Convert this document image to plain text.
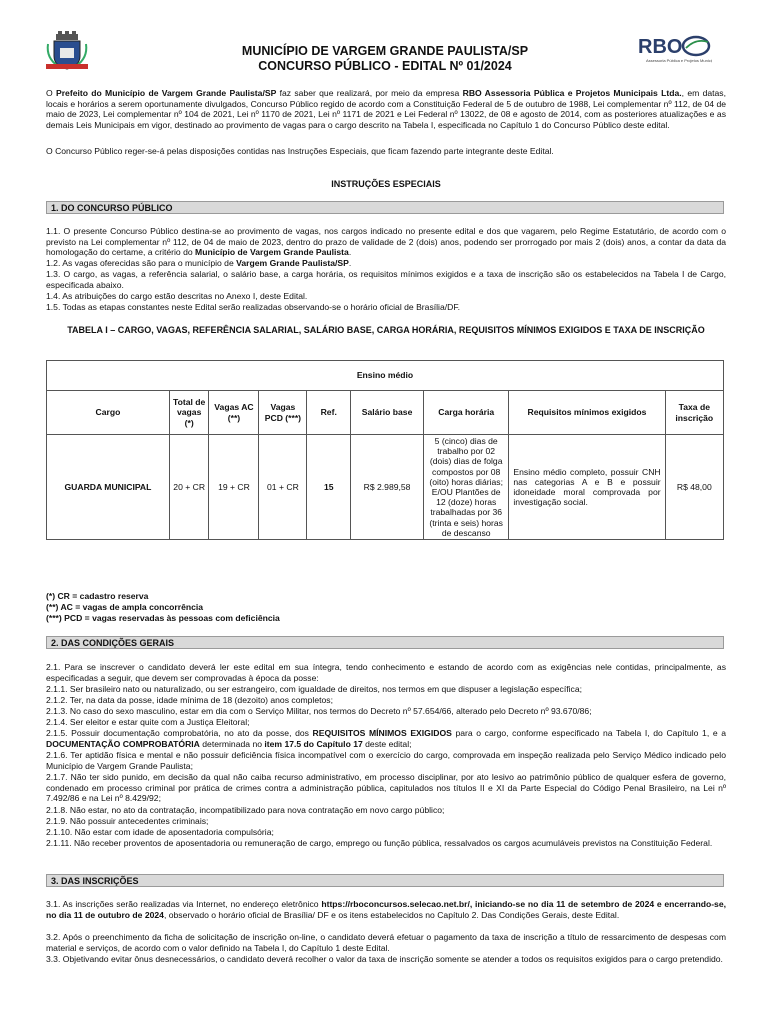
RBO
Assessoria Pública e Projetos Municipais
MUNICÍPIO DE VARGEM GRANDE PAULISTA/SP
CONCURSO PÚBLICO - EDITAL Nº 01/2024
O Prefeito do Município de Vargem Grande Paulista/SP faz saber que realizará, por meio da empresa RBO Assessoria Pública e Projetos Municipais Ltda., em datas, locais e horários a serem oportunamente divulgados, Concurso Público regido de acordo com a Constituição Federal de 5 de outubro de 1988, Lei complementar nº 112, de 04 de maio de 2023, Lei complementar nº 104 de 2021, Lei nº 1170 de 2021, Lei nº 1171 de 2021 e Lei Federal nº 13022, de 08 e agosto de 2014, com as posteriores atualizações e as demais Leis Municipais em vigor, destinado ao provimento de vagas para o cargo descrito na Tabela I, especificada no Capítulo 1 do Concurso Público deste edital.
O Concurso Público reger-se-á pelas disposições contidas nas Instruções Especiais, que ficam fazendo parte integrante deste Edital.
INSTRUÇÕES ESPECIAIS
1. DO CONCURSO PÚBLICO
1.1. O presente Concurso Público destina-se ao provimento de vagas, nos cargos indicado no presente edital e dos que vagarem, pelo Regime Estatutário, de acordo com o previsto na Lei complementar nº 112, de 04 de maio de 2023, dentro do prazo de validade de 2 (dois) anos, podendo ser prorrogado por mais 2 (dois) anos, a contar da data da homologação do certame, a critério do Município de Vargem Grande Paulista.
1.2. As vagas oferecidas são para o município de Vargem Grande Paulista/SP.
1.3. O cargo, as vagas, a referência salarial, o salário base, a carga horária, os requisitos mínimos exigidos e a taxa de inscrição são os estabelecidos na Tabela I de Cargo, especificada abaixo.
1.4. As atribuições do cargo estão descritas no Anexo I, deste Edital.
1.5. Todas as etapas constantes neste Edital serão realizadas observando-se o horário oficial de Brasília/DF.
TABELA I – CARGO, VAGAS, REFERÊNCIA SALARIAL, SALÁRIO BASE, CARGA HORÁRIA, REQUISITOS MÍNIMOS EXIGIDOS E TAXA DE INSCRIÇÃO
Ensino médio								
Cargo	Total de vagas (*)	Vagas AC (**)	Vagas PCD (***)	Ref.	Salário base	Carga horária	Requisitos mínimos exigidos	Taxa de inscrição
GUARDA MUNICIPAL	20 + CR	19 + CR	01 + CR	15	R$ 2.989,58	5 (cinco) dias de trabalho por 02 (dois) dias de folga compostos por 08 (oito) horas diárias; E/OU Plantões de 12 (doze) horas trabalhadas por 36 (trinta e seis) horas de descanso	Ensino médio completo, possuir CNH nas categorias A e B e possuir idoneidade moral comprovada por investigação social.	R$ 48,00
(*) CR = cadastro reserva
(**) AC = vagas de ampla concorrência
(***) PCD = vagas reservadas às pessoas com deficiência
2. DAS CONDIÇÕES GERAIS
2.1. Para se inscrever o candidato deverá ler este edital em sua íntegra, tendo conhecimento e estando de acordo com as exigências nele contidas, principalmente, as especificadas a seguir, que devem ser comprovadas à época da posse:
2.1.1. Ser brasileiro nato ou naturalizado, ou ser estrangeiro, com igualdade de direitos, nos termos em que dispuser a legislação específica;
2.1.2. Ter, na data da posse, idade mínima de 18 (dezoito) anos completos;
2.1.3. No caso do sexo masculino, estar em dia com o Serviço Militar, nos termos do Decreto nº 57.654/66, alterado pelo Decreto nº 93.670/86;
2.1.4. Ser eleitor e estar quite com a Justiça Eleitoral;
2.1.5. Possuir documentação comprobatória, no ato da posse, dos REQUISITOS MÍNIMOS EXIGIDOS para o cargo, conforme especificado na Tabela I, do Capítulo 1, e a DOCUMENTAÇÃO COMPROBATÓRIA determinada no item 17.5 do Capítulo 17 deste edital;
2.1.6. Ter aptidão física e mental e não possuir deficiência física incompatível com o exercício do cargo, comprovada em inspeção realizada pelo Serviço Médico indicado pelo Município de Vargem Grande Paulista;
2.1.7. Não ter sido punido, em decisão da qual não caiba recurso administrativo, em processo disciplinar, por ato lesivo ao patrimônio público de qualquer esfera de governo, condenado em processo criminal por prática de crimes contra a administração pública, capitulados nos títulos II e XI da Parte Especial do Código Penal Brasileiro, na Lei nº 7.492/86 e na Lei nº 8.429/92;
2.1.8. Não estar, no ato da contratação, incompatibilizado para nova contratação em novo cargo público;
2.1.9. Não possuir antecedentes criminais;
2.1.10. Não estar com idade de aposentadoria compulsória;
2.1.11. Não receber proventos de aposentadoria ou remuneração de cargo, emprego ou função pública, ressalvados os cargos acumuláveis previstos na Constituição Federal.
3. DAS INSCRIÇÕES
3.1. As inscrições serão realizadas via Internet, no endereço eletrônico https://rboconcursos.selecao.net.br/, iniciando-se no dia 11 de setembro de 2024 e encerrando-se, no dia 11 de outubro de 2024, observado o horário oficial de Brasília/ DF e os itens estabelecidos no Capítulo 2. Das Condições Gerais, deste Edital.
3.2. Após o preenchimento da ficha de solicitação de inscrição on-line, o candidato deverá efetuar o pagamento da taxa de inscrição a título de ressarcimento de despesas com material e serviços, de acordo com o valor definido na Tabela I, do Capítulo 1 deste Edital.
3.3. Objetivando evitar ônus desnecessários, o candidato deverá recolher o valor da taxa de inscrição somente se atender a todos os requisitos exigidos para o cargo pretendido.
